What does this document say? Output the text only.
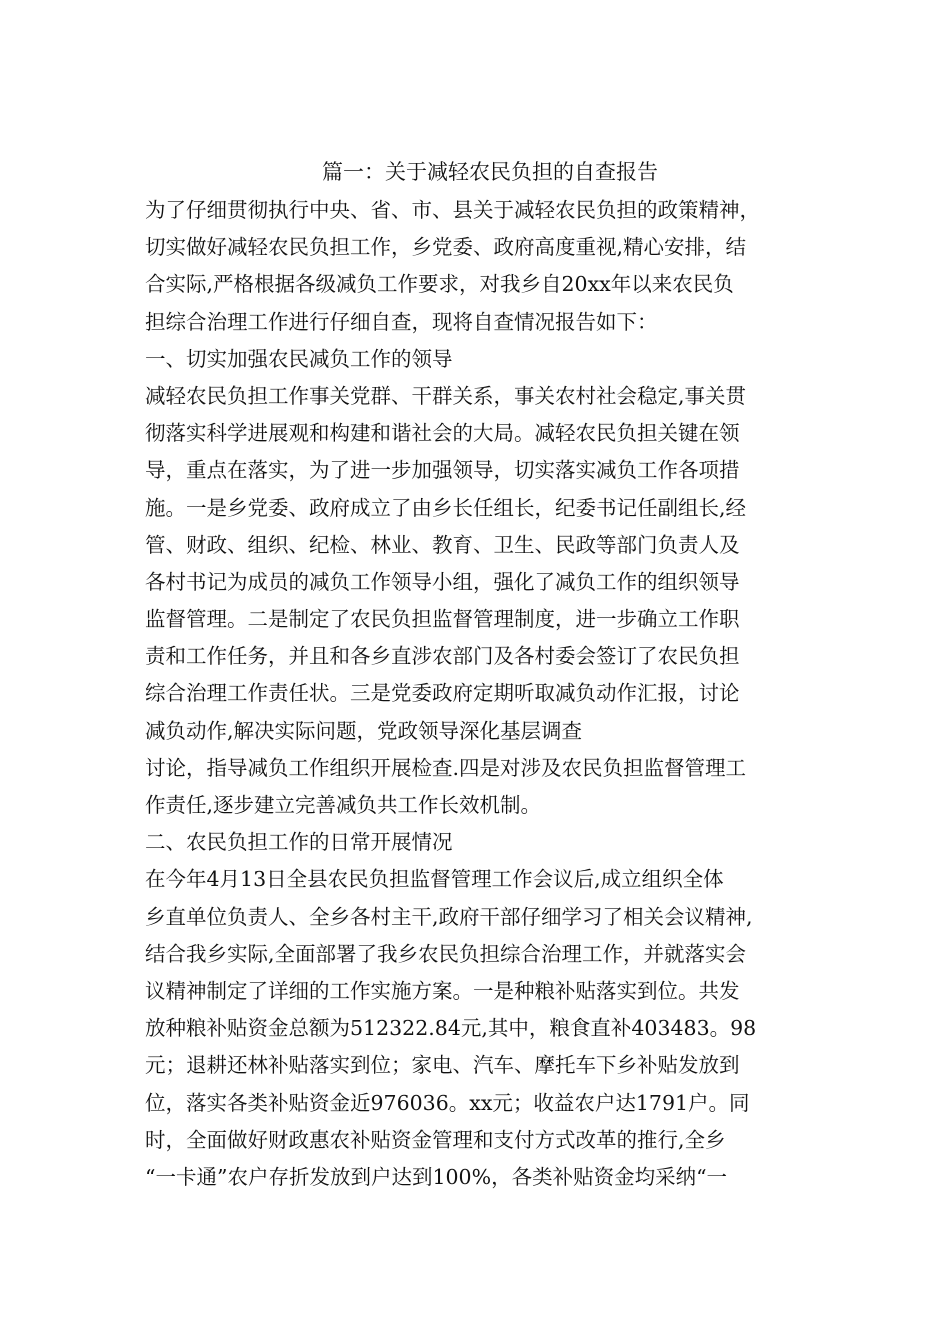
篇一：关于减轻农民负担的自查报告
为了仔细贯彻执行中央、省、市、县关于减轻农民负担的政策精神，
切实做好减轻农民负担工作，乡党委、政府高度重视,精心安排，结
合实际,严格根据各级减负工作要求，对我乡自20xx年以来农民负
担综合治理工作进行仔细自查，现将自查情况报告如下：
一、切实加强农民减负工作的领导
减轻农民负担工作事关党群、干群关系，事关农村社会稳定,事关贯
彻落实科学进展观和构建和谐社会的大局。减轻农民负担关键在领
导，重点在落实，为了进一步加强领导，切实落实减负工作各项措
施。一是乡党委、政府成立了由乡长任组长，纪委书记任副组长,经
管、财政、组织、纪检、林业、教育、卫生、民政等部门负责人及
各村书记为成员的减负工作领导小组，强化了减负工作的组织领导
监督管理。二是制定了农民负担监督管理制度，进一步确立工作职
责和工作任务，并且和各乡直涉农部门及各村委会签订了农民负担
综合治理工作责任状。三是党委政府定期听取减负动作汇报，讨论
减负动作,解决实际问题，党政领导深化基层调查
讨论，指导减负工作组织开展检查.四是对涉及农民负担监督管理工
作责任,逐步建立完善减负共工作长效机制。
二、农民负担工作的日常开展情况
在今年4月13日全县农民负担监督管理工作会议后,成立组织全体
乡直单位负责人、全乡各村主干,政府干部仔细学习了相关会议精神,
结合我乡实际,全面部署了我乡农民负担综合治理工作，并就落实会
议精神制定了详细的工作实施方案。一是种粮补贴落实到位。共发
放种粮补贴资金总额为512322.84元,其中，粮食直补403483。98
元；退耕还林补贴落实到位；家电、汽车、摩托车下乡补贴发放到
位，落实各类补贴资金近976036。xx元；收益农户达1791户。同
时，全面做好财政惠农补贴资金管理和支付方式改革的推行,全乡
“一卡通”农户存折发放到户达到100%，各类补贴资金均采纳“一
